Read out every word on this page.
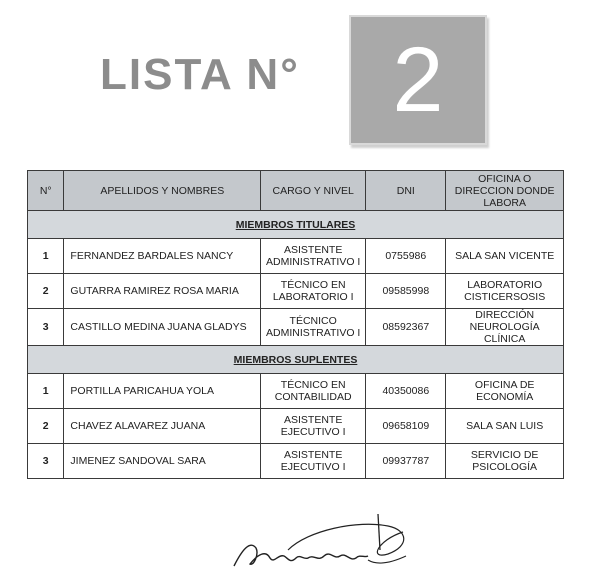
LISTA N° 2
N°	APELLIDOS Y NOMBRES	CARGO Y NIVEL	DNI	OFICINA O DIRECCION DONDE LABORA
MIEMBROS TITULARES				
1	FERNANDEZ BARDALES NANCY	ASISTENTE ADMINISTRATIVO I	0755986	SALA SAN VICENTE
2	GUTARRA RAMIREZ ROSA MARIA	TÉCNICO EN LABORATORIO I	09585998	LABORATORIO CISTICERSOSIS
3	CASTILLO MEDINA JUANA GLADYS	TÉCNICO ADMINISTRATIVO I	08592367	DIRECCIÓN NEUROLOGÍA CLÍNICA
MIEMBROS SUPLENTES				
1	PORTILLA PARICAHUA YOLA	TÉCNICO EN CONTABILIDAD	40350086	OFICINA DE ECONOMÍA
2	CHAVEZ ALAVAREZ JUANA	ASISTENTE EJECUTIVO I	09658109	SALA SAN LUIS
3	JIMENEZ SANDOVAL SARA	ASISTENTE EJECUTIVO I	09937787	SERVICIO DE PSICOLOGÍA
